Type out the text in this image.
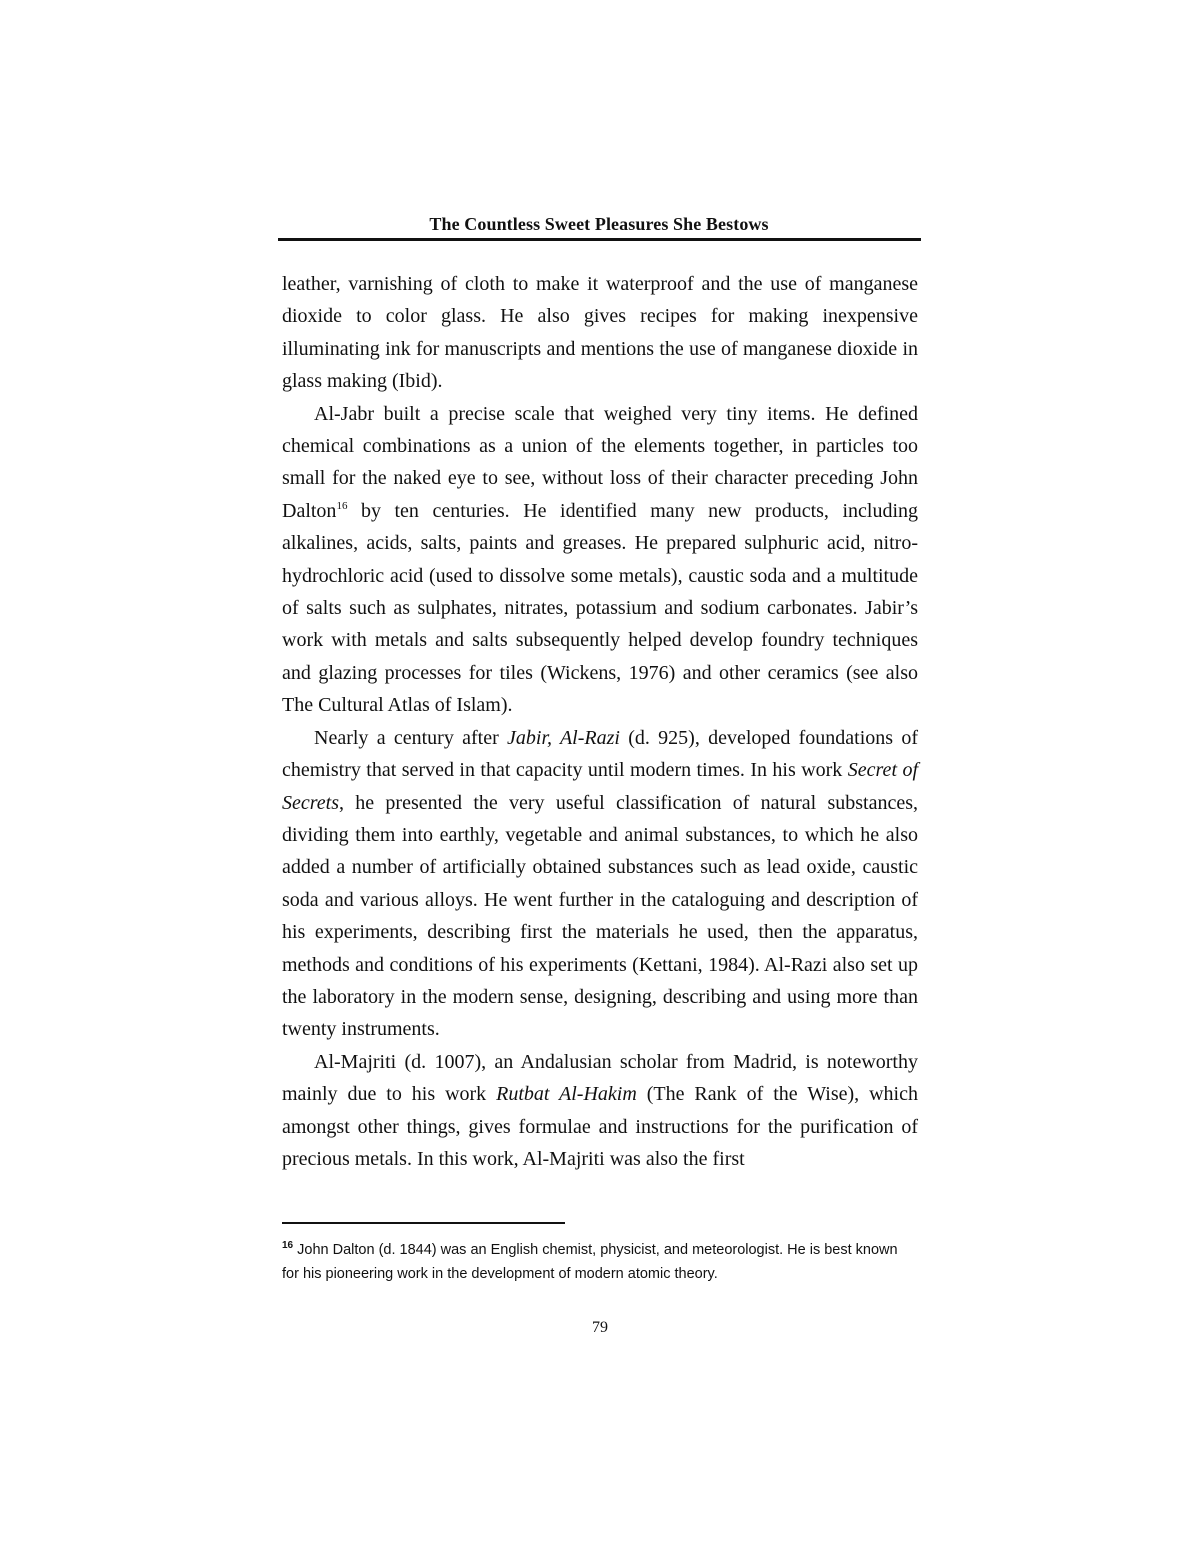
The Countless Sweet Pleasures She Bestows

leather, varnishing of cloth to make it waterproof and the use of manganese dioxide to color glass. He also gives recipes for making inexpensive illuminating ink for manuscripts and mentions the use of manganese dioxide in glass making (Ibid).

Al-Jabr built a precise scale that weighed very tiny items. He defined chemical combinations as a union of the elements together, in particles too small for the naked eye to see, without loss of their character preceding John Dalton$^{16}$ by ten centuries. He identified many new products, including alkalines, acids, salts, paints and greases. He prepared sulphuric acid, nitro-hydrochloric acid (used to dissolve some metals), caustic soda and a multitude of salts such as sulphates, nitrates, potassium and sodium carbonates. Jabir’s work with metals and salts subsequently helped develop foundry techniques and glazing processes for tiles (Wickens, 1976) and other ceramics (see also The Cultural Atlas of Islam).

Nearly a century after Jabir, Al-Razi (d. 925), developed foundations of chemistry that served in that capacity until modern times. In his work Secret of Secrets, he presented the very useful classification of natural substances, dividing them into earthly, vegetable and animal substances, to which he also added a number of artificially obtained substances such as lead oxide, caustic soda and various alloys. He went further in the cataloguing and description of his experiments, describing first the materials he used, then the apparatus, methods and conditions of his experiments (Kettani, 1984). Al-Razi also set up the laboratory in the modern sense, designing, describing and using more than twenty instruments.

Al-Majriti (d. 1007), an Andalusian scholar from Madrid, is noteworthy mainly due to his work Rutbat Al-Hakim (The Rank of the Wise), which amongst other things, gives formulae and instructions for the purification of precious metals. In this work, Al-Majriti was also the first

$^{16}$ John Dalton (d. 1844) was an English chemist, physicist, and meteorologist. He is best known for his pioneering work in the development of modern atomic theory.
79
